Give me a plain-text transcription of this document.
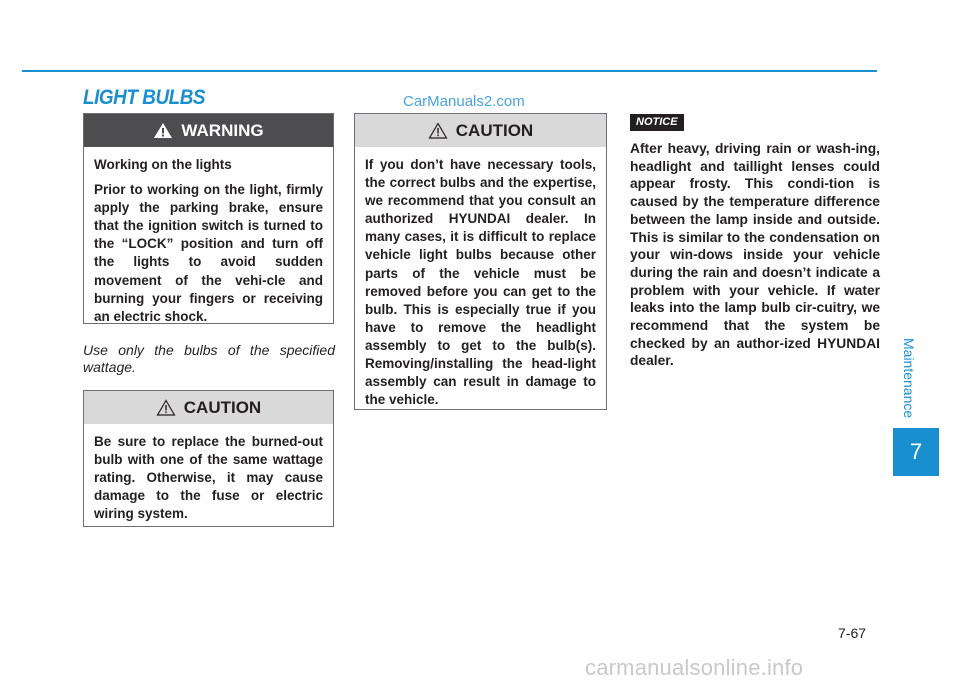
LIGHT BULBS	CarManuals2.com
WARNING

Working on the lights

Prior to working on the light, firmly apply the parking brake, ensure that the ignition switch is turned to the “LOCK” position and turn off the lights to avoid sudden movement of the vehi-cle and burning your fingers or receiving an electric shock.

Use only the bulbs of the specified wattage.
CAUTION

Be sure to replace the burned-out bulb with one of the same wattage rating. Otherwise, it may cause damage to the fuse or electric wiring system.

CAUTION

If you don’t have necessary tools, the correct bulbs and the expertise, we recommend that you consult an authorized HYUNDAI dealer. In many cases, it is difficult to replace vehicle light bulbs because other parts of the vehicle must be removed before you can get to the bulb. This is especially true if you have to remove the headlight assembly to get to the bulb(s). Removing/installing the head-light assembly can result in damage to the vehicle.

NOTICE
After heavy, driving rain or wash-ing, headlight and taillight lenses could appear frosty. This condi-tion is caused by the temperature difference between the lamp inside and outside. This is similar to the condensation on your win-dows inside your vehicle during the rain and doesn’t indicate a problem with your vehicle. If water leaks into the lamp bulb cir-cuitry, we recommend that the system be checked by an author-ized HYUNDAI dealer.	Maintenance
7
7-67
carmanualsonline.info
